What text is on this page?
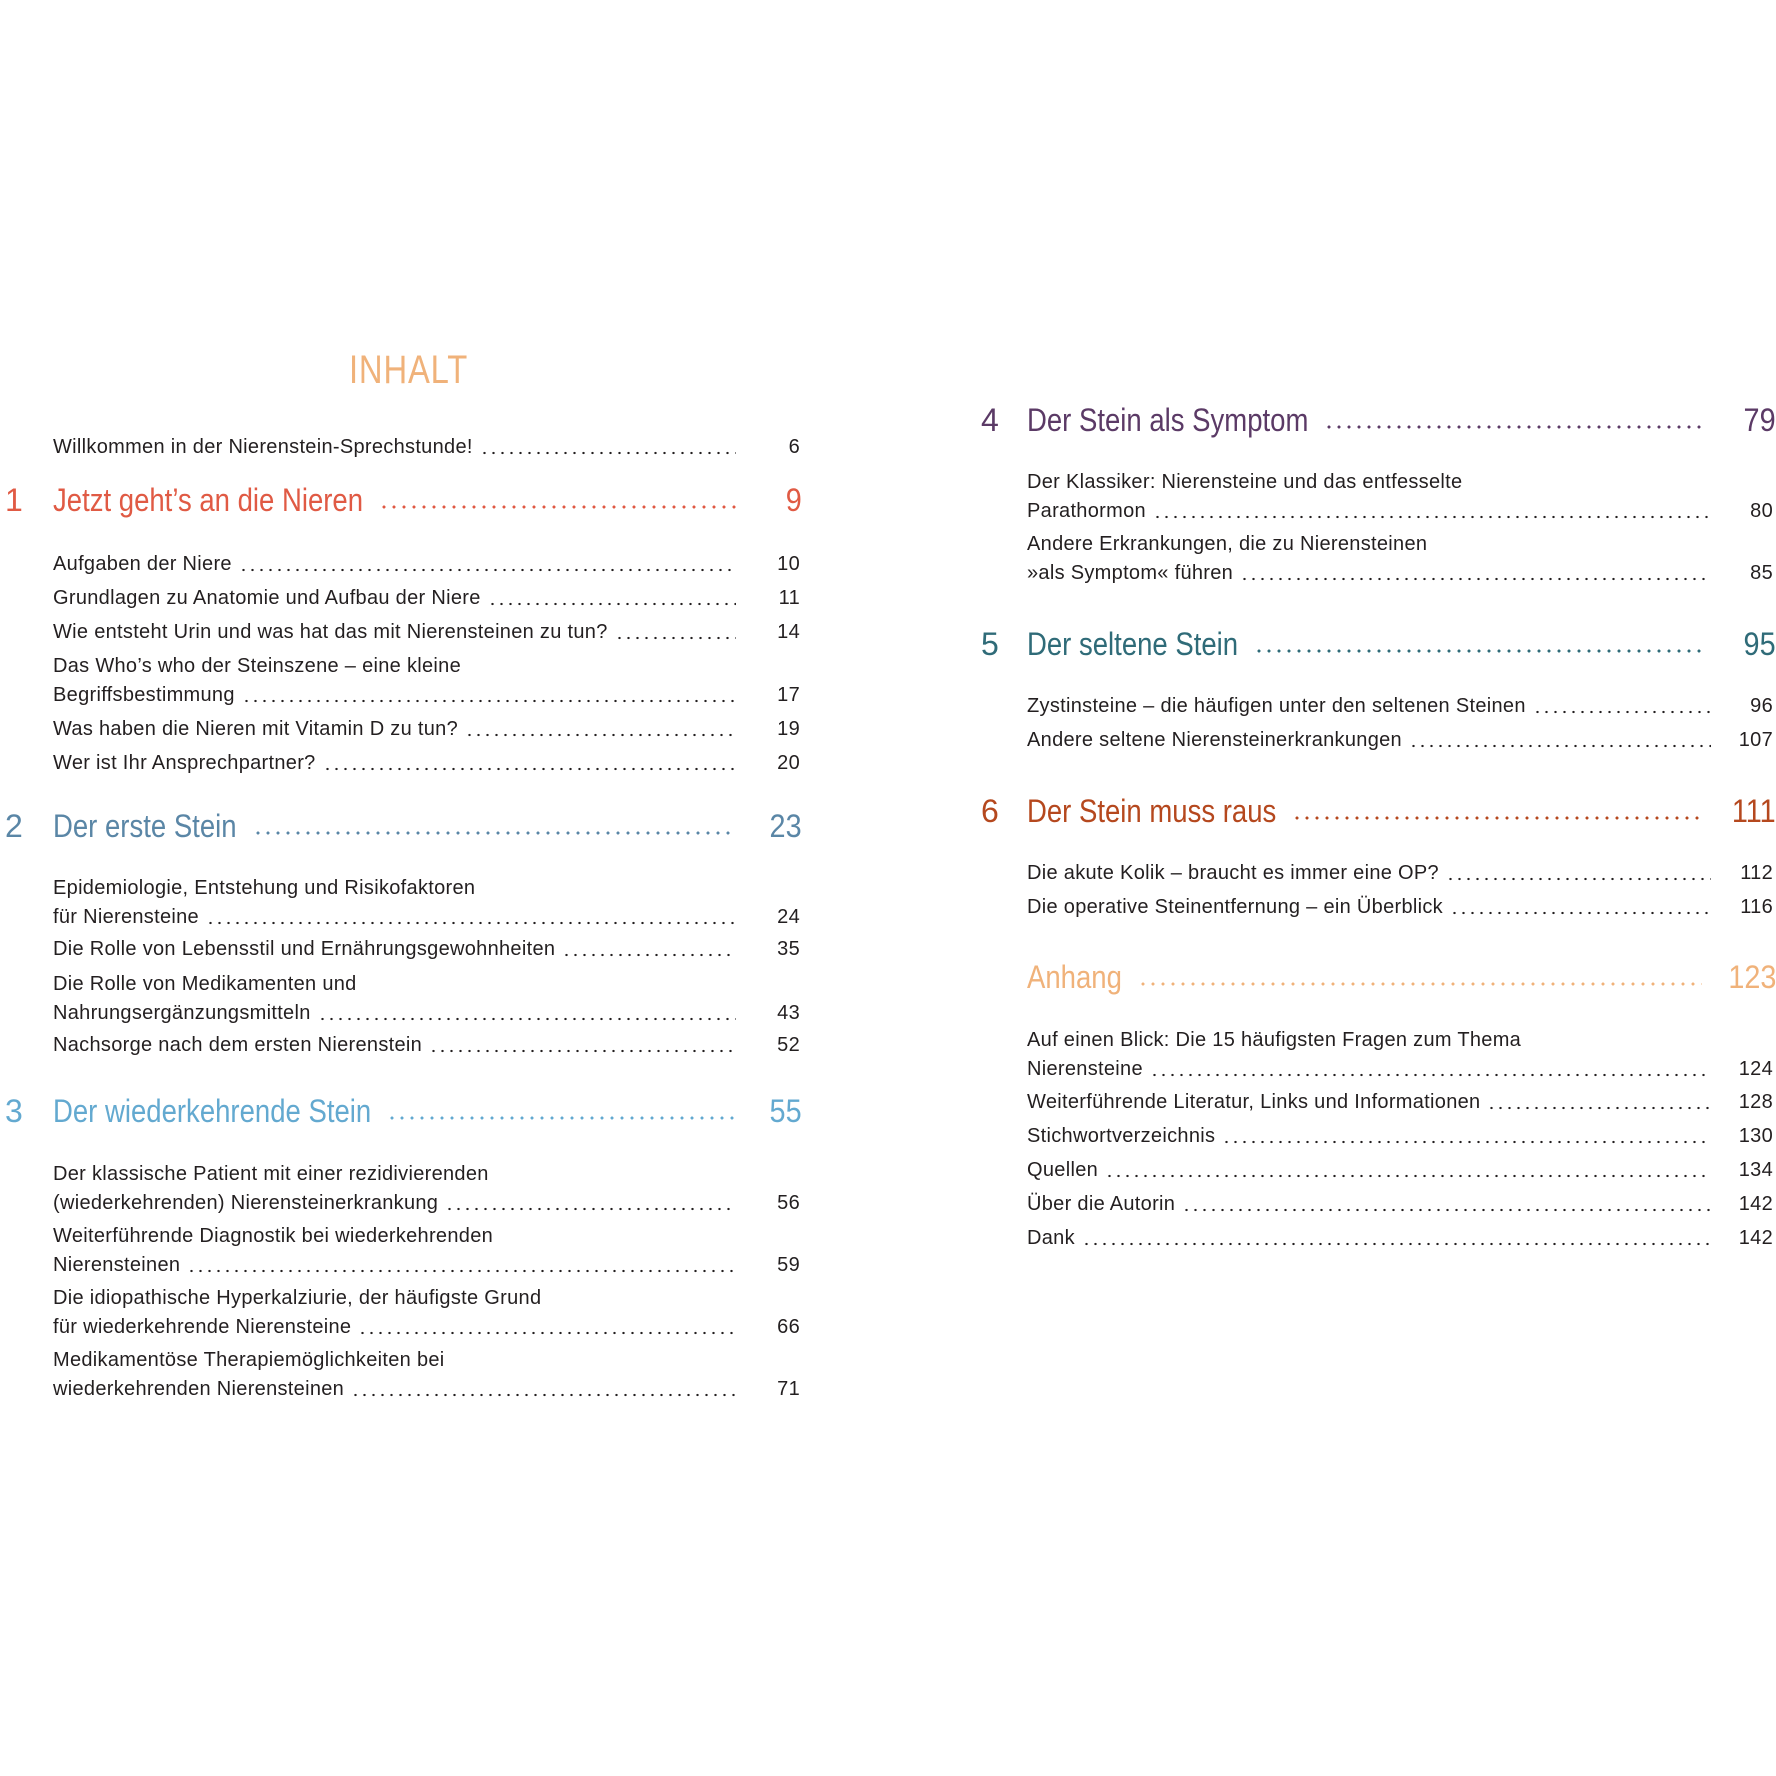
INHALT
Willkommen in der Nierenstein-Sprechstunde!	6
1 Jetzt geht’s an die Nieren	9
Aufgaben der Niere	10
Grundlagen zu Anatomie und Aufbau der Niere	11
Wie entsteht Urin und was hat das mit Nierensteinen zu tun?	14
Das Who’s who der Steinszene – eine kleine
Begriffsbestimmung	17
Was haben die Nieren mit Vitamin D zu tun?	19
Wer ist Ihr Ansprechpartner?	20
2 Der erste Stein	23
Epidemiologie, Entstehung und Risikofaktoren
für Nierensteine	24
Die Rolle von Lebensstil und Ernährungsgewohnheiten	35
Die Rolle von Medikamenten und
Nahrungsergänzungsmitteln	43
Nachsorge nach dem ersten Nierenstein	52
3 Der wiederkehrende Stein	55
Der klassische Patient mit einer rezidivierenden
(wiederkehrenden) Nierensteinerkrankung	56
Weiterführende Diagnostik bei wiederkehrenden
Nierensteinen	59
Die idiopathische Hyperkalziurie, der häufigste Grund
für wiederkehrende Nierensteine	66
Medikamentöse Therapiemöglichkeiten bei
wiederkehrenden Nierensteinen	71
4 Der Stein als Symptom	79
Der Klassiker: Nierensteine und das entfesselte
Parathormon	80
Andere Erkrankungen, die zu Nierensteinen
»als Symptom« führen	85
5 Der seltene Stein	95
Zystinsteine – die häufigen unter den seltenen Steinen	96
Andere seltene Nierensteinerkrankungen	107
6 Der Stein muss raus	111
Die akute Kolik – braucht es immer eine OP?	112
Die operative Steinentfernung – ein Überblick	116
Anhang	123
Auf einen Blick: Die 15 häufigsten Fragen zum Thema
Nierensteine	124
Weiterführende Literatur, Links und Informationen	128
Stichwortverzeichnis	130
Quellen	134
Über die Autorin	142
Dank	142
